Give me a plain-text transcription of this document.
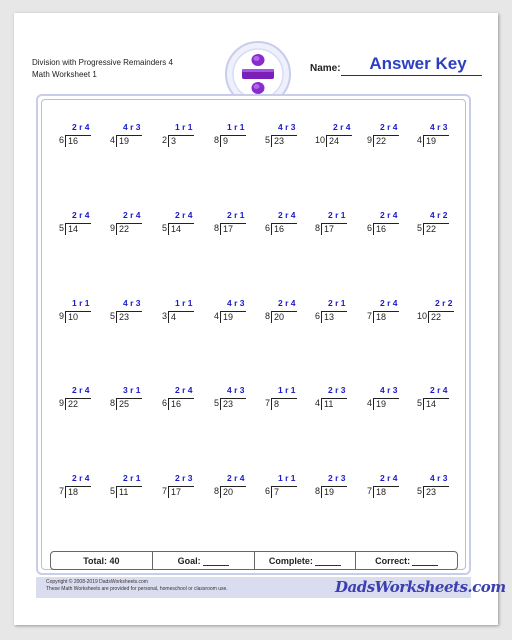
Division with Progressive Remainders 4
Math Worksheet 1
Name:	Answer Key
2 r 4
6 16
4 r 3
4 19
1 r 1
2 3
1 r 1
8 9
4 r 3
5 23
2 r 4
10 24
2 r 4
9 22
4 r 3
4 19
2 r 4
5 14
2 r 4
9 22
2 r 4
5 14
2 r 1
8 17
2 r 4
6 16
2 r 1
8 17
2 r 4
6 16
4 r 2
5 22
1 r 1
9 10
4 r 3
5 23
1 r 1
3 4
4 r 3
4 19
2 r 4
8 20
2 r 1
6 13
2 r 4
7 18
2 r 2
10 22
2 r 4
9 22
3 r 1
8 25
2 r 4
6 16
4 r 3
5 23
1 r 1
7 8
2 r 3
4 11
4 r 3
4 19
2 r 4
5 14
2 r 4
7 18
2 r 1
5 11
2 r 3
7 17
2 r 4
8 20
1 r 1
6 7
2 r 3
8 19
2 r 4
7 18
4 r 3
5 23
Total: 40	Goal:	Complete:	Correct:
Copyright © 2008-2019 DadsWorksheets.com
These Math Worksheets are provided for personal, homeschool or classroom use.	DadsWorksheets.com
